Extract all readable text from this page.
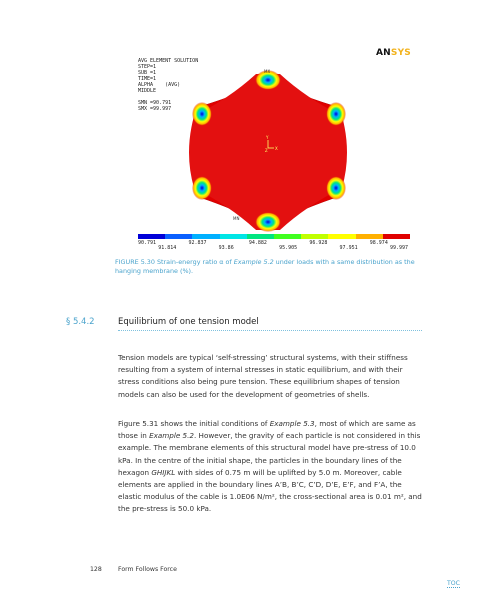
Y
Z X
MX
MN
AVG ELEMENT SOLUTION
STEP=1
SUB =1
TIME=1
ALPHA    (AVG)
MIDDLE
SMN =90.791
SMX =99.997
ANSYS
90.791	92.837	94.882	96.928	98.974
91.814	93.86	95.905	97.951	99.997
FIGURE 5.30 Strain-energy ratio α of Example 5.2 under loads with a same distribution as the hanging membrane (%).
§ 5.4.2	Equilibrium of one tension model
Tension models are typical ‘self-stressing’ structural systems, with their stiffness resulting from a system of internal stresses in static equilibrium, and with their stress conditions also being pure tension. These equilibrium shapes of tension models can also be used for the development of geometries of shells.
Figure 5.31 shows the initial conditions of Example 5.3, most of which are same as those in Example 5.2. However, the gravity of each particle is not considered in this example. The membrane elements of this structural model have pre-stress of 10.0 kPa. In the centre of the initial shape, the particles in the boundary lines of the hexagon GHIJKL with sides of 0.75 m will be uplifted by 5.0 m. Moreover, cable elements are applied in the boundary lines A’B, B’C, C’D, D’E, E’F, and F’A, the elastic modulus of the cable is 1.0E06 N/m², the cross-sectional area is 0.01 m², and the pre-stress is 50.0 kPa.
128	Form Follows Force
TOC
